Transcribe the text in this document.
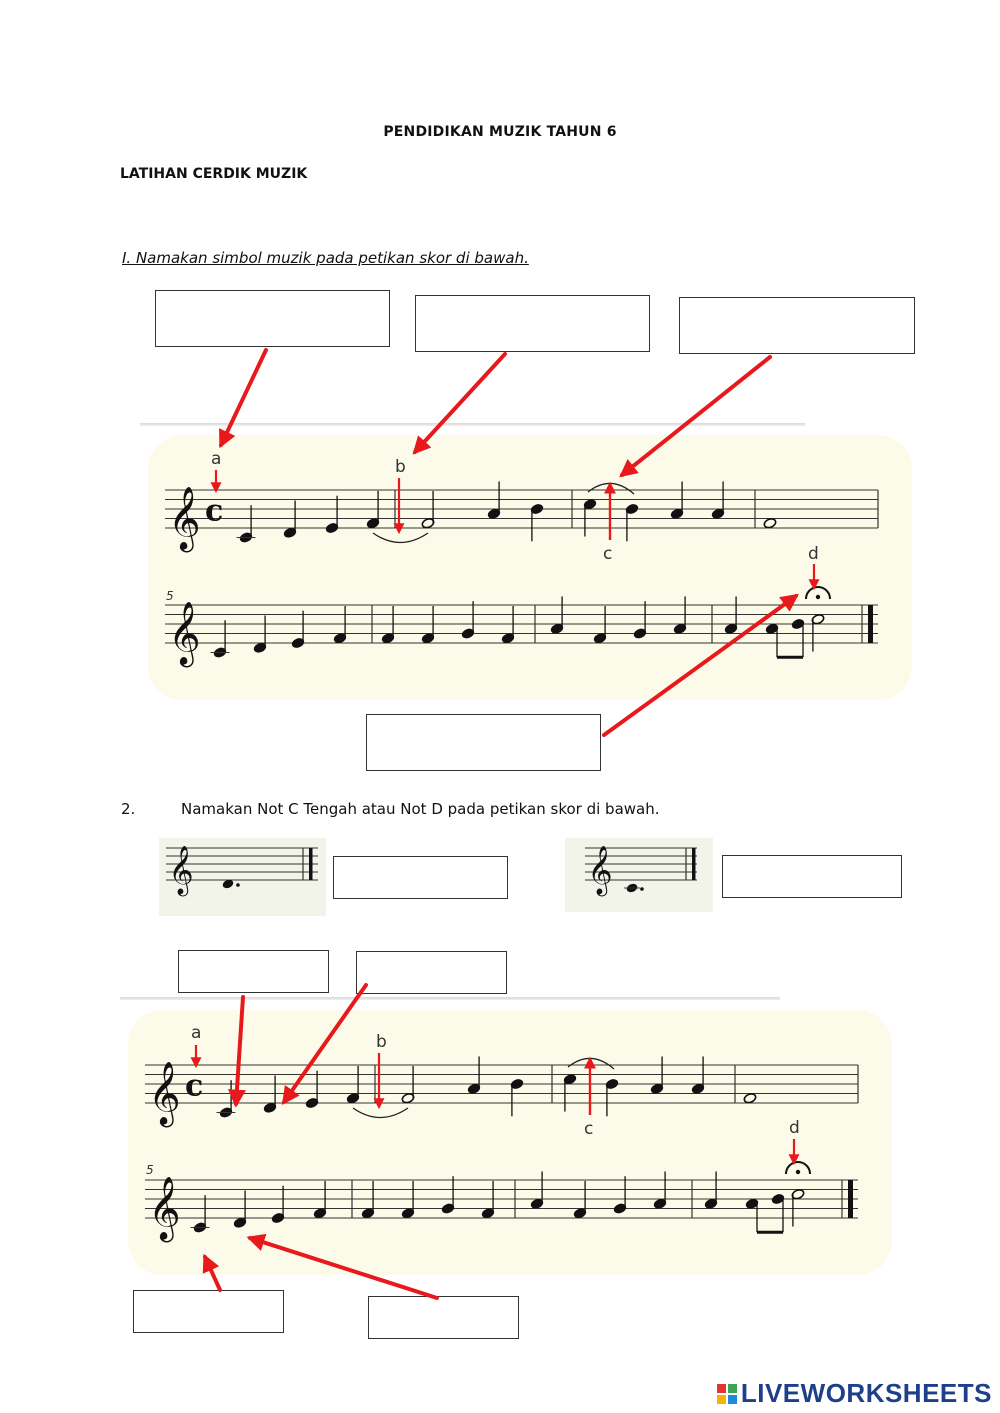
PENDIDIKAN MUZIK TAHUN 6
LATIHAN CERDIK MUZIK
I. Namakan simbol muzik pada petikan skor di bawah.
2.	Namakan Not C Tengah atau Not D pada petikan skor di bawah.
𝄞 c
𝄞
𝄞 c
𝄞
𝄞	𝄞
a	b
c	d
5
a	b
c	d
5
LIVEWORKSHEETS
